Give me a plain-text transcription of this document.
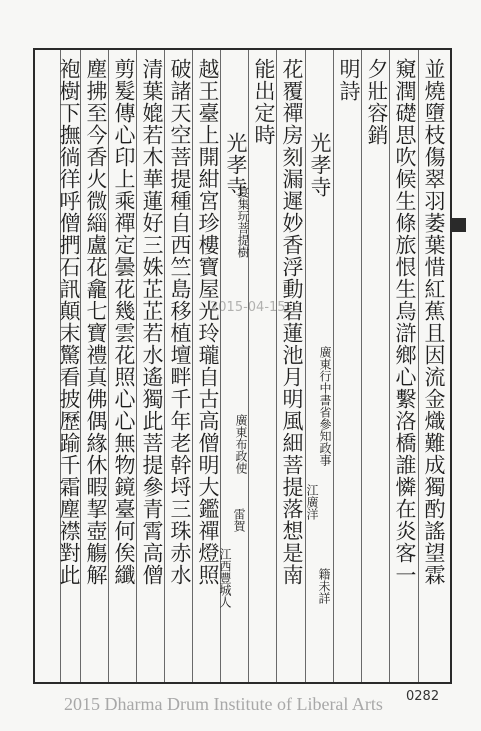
並燒墮枝傷翠羽萎葉惜紅蕉且因流金熾難成獨酌謠望霖
窺潤礎思吹候生條旅恨生烏滸鄉心繫洛橋誰憐在炎客一
夕壯容銷
明詩
光孝寺
廣東行中書省參知政事
江廣洋
籍未詳
花覆禪房刻漏遲妙香浮動碧蓮池月明風細菩提落想是南
能出定時
光孝寺
宴集玩菩提樹
廣東布政使
雷賀
江西豐城人
越王臺上開紺宮珍樓寶屋光玲瓏自古高僧明大鑑禪燈照
破諸天空菩提種自西竺島移植壇畔千年老幹埒三珠赤水
清葉媲若木華蓮好三姝芷芷若水遙獨此菩提參青霄高僧
剪髮傳心印上乘禪定曇花幾雲花照心心無物鏡臺何俟纖
塵拂至今香火微緇盧花龕七寶禮真佛偶緣休暇挈壺觴解
袍樹下撫徜徉呼僧捫石訊顛末驚看披歷踰千霜塵襟對此	2015-04-15
0282
2015 Dharma Drum Institute of Liberal Arts
